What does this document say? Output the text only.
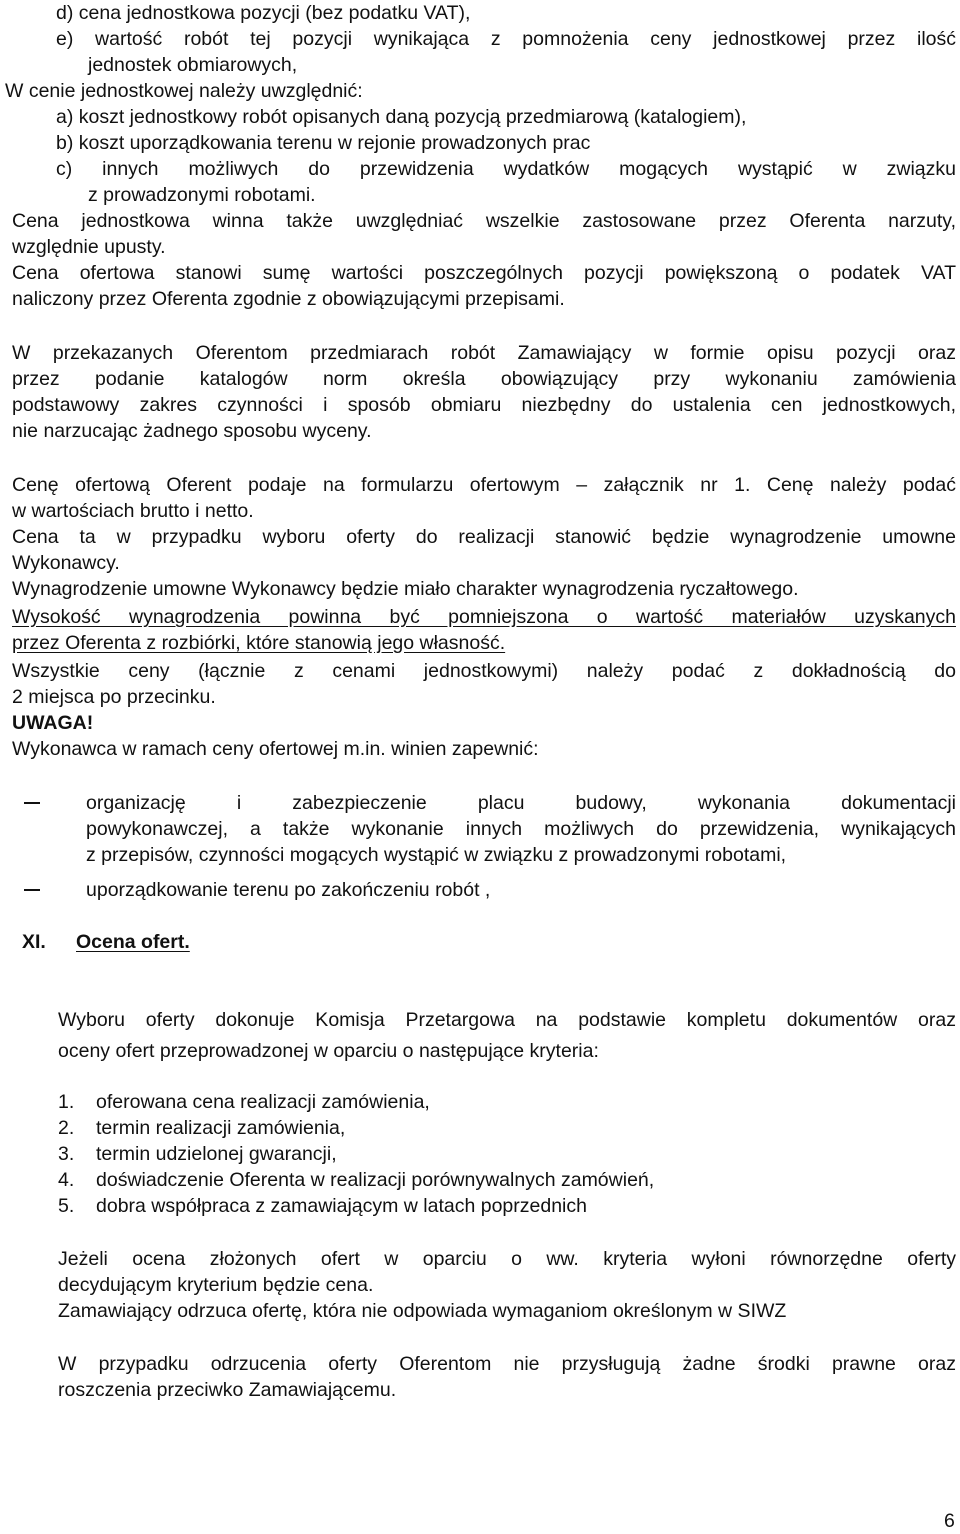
d) cena jednostkowa pozycji (bez podatku VAT),
e) wartość robót tej pozycji wynikająca z pomnożenia ceny jednostkowej przez ilość
jednostek obmiarowych,
W cenie jednostkowej należy uwzględnić:
a) koszt jednostkowy robót opisanych daną pozycją przedmiarową (katalogiem),
b) koszt uporządkowania terenu w rejonie prowadzonych prac
c) innych możliwych do przewidzenia wydatków mogących wystąpić w związku
z prowadzonymi robotami.
Cena jednostkowa winna także uwzględniać wszelkie zastosowane przez Oferenta narzuty,
względnie upusty.
Cena ofertowa stanowi sumę wartości poszczególnych pozycji powiększoną o podatek VAT
naliczony przez Oferenta zgodnie z obowiązującymi przepisami.
W przekazanych Oferentom przedmiarach robót Zamawiający w formie opisu pozycji oraz
przez podanie katalogów norm określa obowiązujący przy wykonaniu zamówienia
podstawowy zakres czynności i sposób obmiaru niezbędny do ustalenia cen jednostkowych,
nie narzucając żadnego sposobu wyceny.
Cenę ofertową Oferent podaje na formularzu ofertowym – załącznik nr 1. Cenę należy podać
w wartościach brutto i netto.
Cena ta w przypadku wyboru oferty do realizacji stanowić będzie wynagrodzenie umowne
Wykonawcy.
Wynagrodzenie umowne Wykonawcy będzie miało charakter wynagrodzenia ryczałtowego.
Wysokość wynagrodzenia powinna być pomniejszona o wartość materiałów uzyskanych
przez Oferenta z rozbiórki, które stanowią jego własność.
Wszystkie ceny (łącznie z cenami jednostkowymi) należy podać z dokładnością do
2 miejsca po przecinku.
UWAGA!
Wykonawca w ramach ceny ofertowej m.in. winien zapewnić:
organizację i zabezpieczenie placu budowy, wykonania dokumentacji
powykonawczej, a także wykonanie innych możliwych do przewidzenia, wynikających
z przepisów, czynności mogących wystąpić w związku z prowadzonymi robotami,
uporządkowanie terenu po zakończeniu robót ,
XI. Ocena ofert.
Wyboru oferty dokonuje Komisja Przetargowa na podstawie kompletu dokumentów oraz
oceny ofert przeprowadzonej w oparciu o następujące kryteria:
1. oferowana cena realizacji zamówienia,
2. termin realizacji zamówienia,
3. termin udzielonej gwarancji,
4. doświadczenie Oferenta w realizacji porównywalnych zamówień,
5. dobra współpraca z zamawiającym w latach poprzednich
Jeżeli ocena złożonych ofert w oparciu o ww. kryteria wyłoni równorzędne oferty
decydującym kryterium będzie cena.
Zamawiający odrzuca ofertę, która nie odpowiada wymaganiom określonym w SIWZ
W przypadku odrzucenia oferty Oferentom nie przysługują żadne środki prawne oraz
roszczenia przeciwko Zamawiającemu.
6
